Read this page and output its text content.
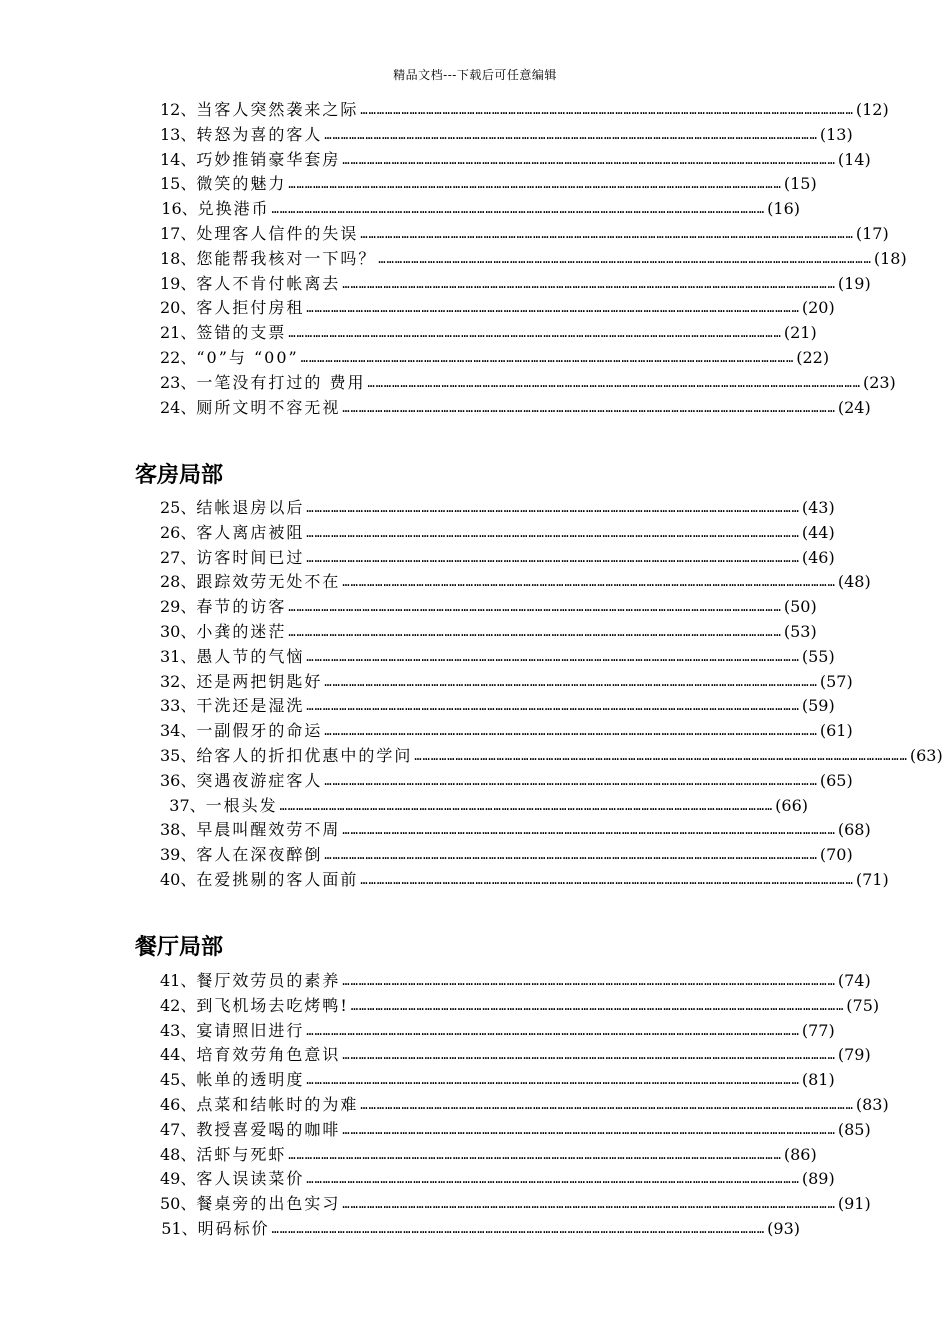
精品文档---下载后可任意编辑
12 、 当客人突然袭来之际 ……………………………………………………………………………………………………………………………………………………………… (12)
13 、 转怒为喜的客人 ……………………………………………………………………………………………………………………………………………………………… (13)
14 、 巧妙推销豪华套房 ……………………………………………………………………………………………………………………………………………………………… (14)
15 、 微笑的魅力 ……………………………………………………………………………………………………………………………………………………………… (15)
16 、 兑换港币 ……………………………………………………………………………………………………………………………………………………………… (16)
17 、 处理客人信件的失误 ……………………………………………………………………………………………………………………………………………………………… (17)
18 、 您能帮我核对一下吗？ ……………………………………………………………………………………………………………………………………………………………… (18)
19 、 客人不肯付帐离去 ……………………………………………………………………………………………………………………………………………………………… (19)
20 、 客人拒付房租 ……………………………………………………………………………………………………………………………………………………………… (20)
21 、 签错的支票 ……………………………………………………………………………………………………………………………………………………………… (21)
22 、 “0”与 “00” ……………………………………………………………………………………………………………………………………………………………… (22)
23 、 一笔没有打过的 费用 ……………………………………………………………………………………………………………………………………………………………… (23)
24 、 厕所文明不容无视 ……………………………………………………………………………………………………………………………………………………………… (24)
客房局部
25 、 结帐退房以后 ……………………………………………………………………………………………………………………………………………………………… (43)
26 、 客人离店被阻 ……………………………………………………………………………………………………………………………………………………………… (44)
27 、 访客时间已过 ……………………………………………………………………………………………………………………………………………………………… (46)
28 、 跟踪效劳无处不在 ……………………………………………………………………………………………………………………………………………………………… (48)
29 、 春节的访客 ……………………………………………………………………………………………………………………………………………………………… (50)
30 、 小龚的迷茫 ……………………………………………………………………………………………………………………………………………………………… (53)
31 、 愚人节的气恼 ……………………………………………………………………………………………………………………………………………………………… (55)
32 、 还是两把钥匙好 ……………………………………………………………………………………………………………………………………………………………… (57)
33 、 干洗还是湿洗 ……………………………………………………………………………………………………………………………………………………………… (59)
34 、 一副假牙的命运 ……………………………………………………………………………………………………………………………………………………………… (61)
35 、 给客人的折扣优惠中的学问 ……………………………………………………………………………………………………………………………………………………………… (63)
36 、 突遇夜游症客人 ……………………………………………………………………………………………………………………………………………………………… (65)
37 、 一根头发 ……………………………………………………………………………………………………………………………………………………………… (66)
38 、 早晨叫醒效劳不周 ……………………………………………………………………………………………………………………………………………………………… (68)
39 、 客人在深夜醉倒 ……………………………………………………………………………………………………………………………………………………………… (70)
40 、 在爱挑剔的客人面前 ……………………………………………………………………………………………………………………………………………………………… (71)
餐厅局部
41 、 餐厅效劳员的素养 ……………………………………………………………………………………………………………………………………………………………… (74)
42 、 到飞机场去吃烤鸭! ……………………………………………………………………………………………………………………………………………………………… (75)
43 、 宴请照旧进行 ……………………………………………………………………………………………………………………………………………………………… (77)
44 、 培育效劳角色意识 ……………………………………………………………………………………………………………………………………………………………… (79)
45 、 帐单的透明度 ……………………………………………………………………………………………………………………………………………………………… (81)
46 、 点菜和结帐时的为难 ……………………………………………………………………………………………………………………………………………………………… (83)
47 、 教授喜爱喝的咖啡 ……………………………………………………………………………………………………………………………………………………………… (85)
48 、 活虾与死虾 ……………………………………………………………………………………………………………………………………………………………… (86)
49 、 客人误读菜价 ……………………………………………………………………………………………………………………………………………………………… (89)
50 、 餐桌旁的出色实习 ……………………………………………………………………………………………………………………………………………………………… (91)
51 、 明码标价 ……………………………………………………………………………………………………………………………………………………………… (93)
